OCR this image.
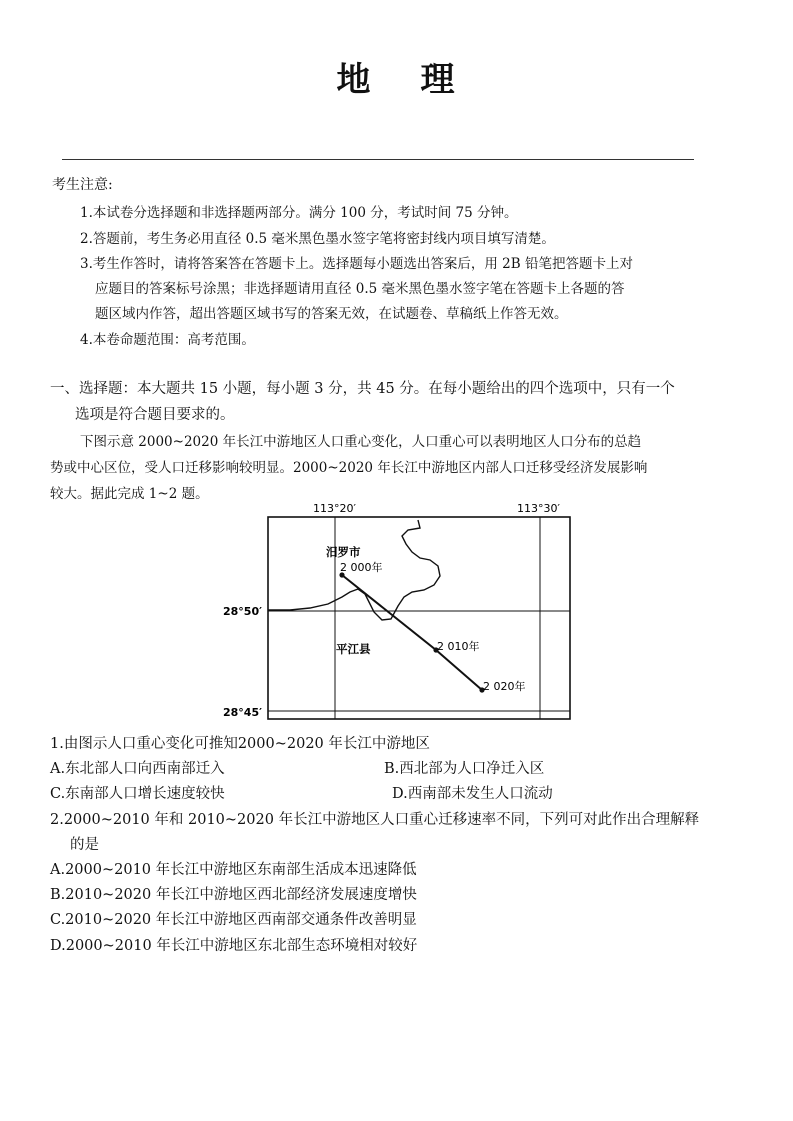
地 理
考生注意:
1.本试卷分选择题和非选择题两部分。满分 100 分，考试时间 75 分钟。
2.答题前，考生务必用直径 0.5 毫米黑色墨水签字笔将密封线内项目填写清楚。
3.考生作答时，请将答案答在答题卡上。选择题每小题选出答案后，用 2B 铅笔把答题卡上对
应题目的答案标号涂黑；非选择题请用直径 0.5 毫米黑色墨水签字笔在答题卡上各题的答
题区域内作答，超出答题区域书写的答案无效，在试题卷、草稿纸上作答无效。
4.本卷命题范围：高考范围。
一、选择题：本大题共 15 小题，每小题 3 分，共 45 分。在每小题给出的四个选项中，只有一个
选项是符合题目要求的。
下图示意 2000~2020 年长江中游地区人口重心变化，人口重心可以表明地区人口分布的总趋
势或中心区位，受人口迁移影响较明显。2000~2020 年长江中游地区内部人口迁移受经济发展影响
较大。据此完成 1~2 题。
113°20′	113°30′
28°50′
28°45′
汨罗市
平江县
2 000年
2 010年
2 020年
1.由图示人口重心变化可推知2000~2020 年长江中游地区
A.东北部人口向西南部迁入	B.西北部为人口净迁入区
C.东南部人口增长速度较快	D.西南部未发生人口流动
2.2000~2010 年和 2010~2020 年长江中游地区人口重心迁移速率不同，下列可对此作出合理解释
的是
A.2000~2010 年长江中游地区东南部生活成本迅速降低
B.2010~2020 年长江中游地区西北部经济发展速度增快
C.2010~2020 年长江中游地区西南部交通条件改善明显
D.2000~2010 年长江中游地区东北部生态环境相对较好
